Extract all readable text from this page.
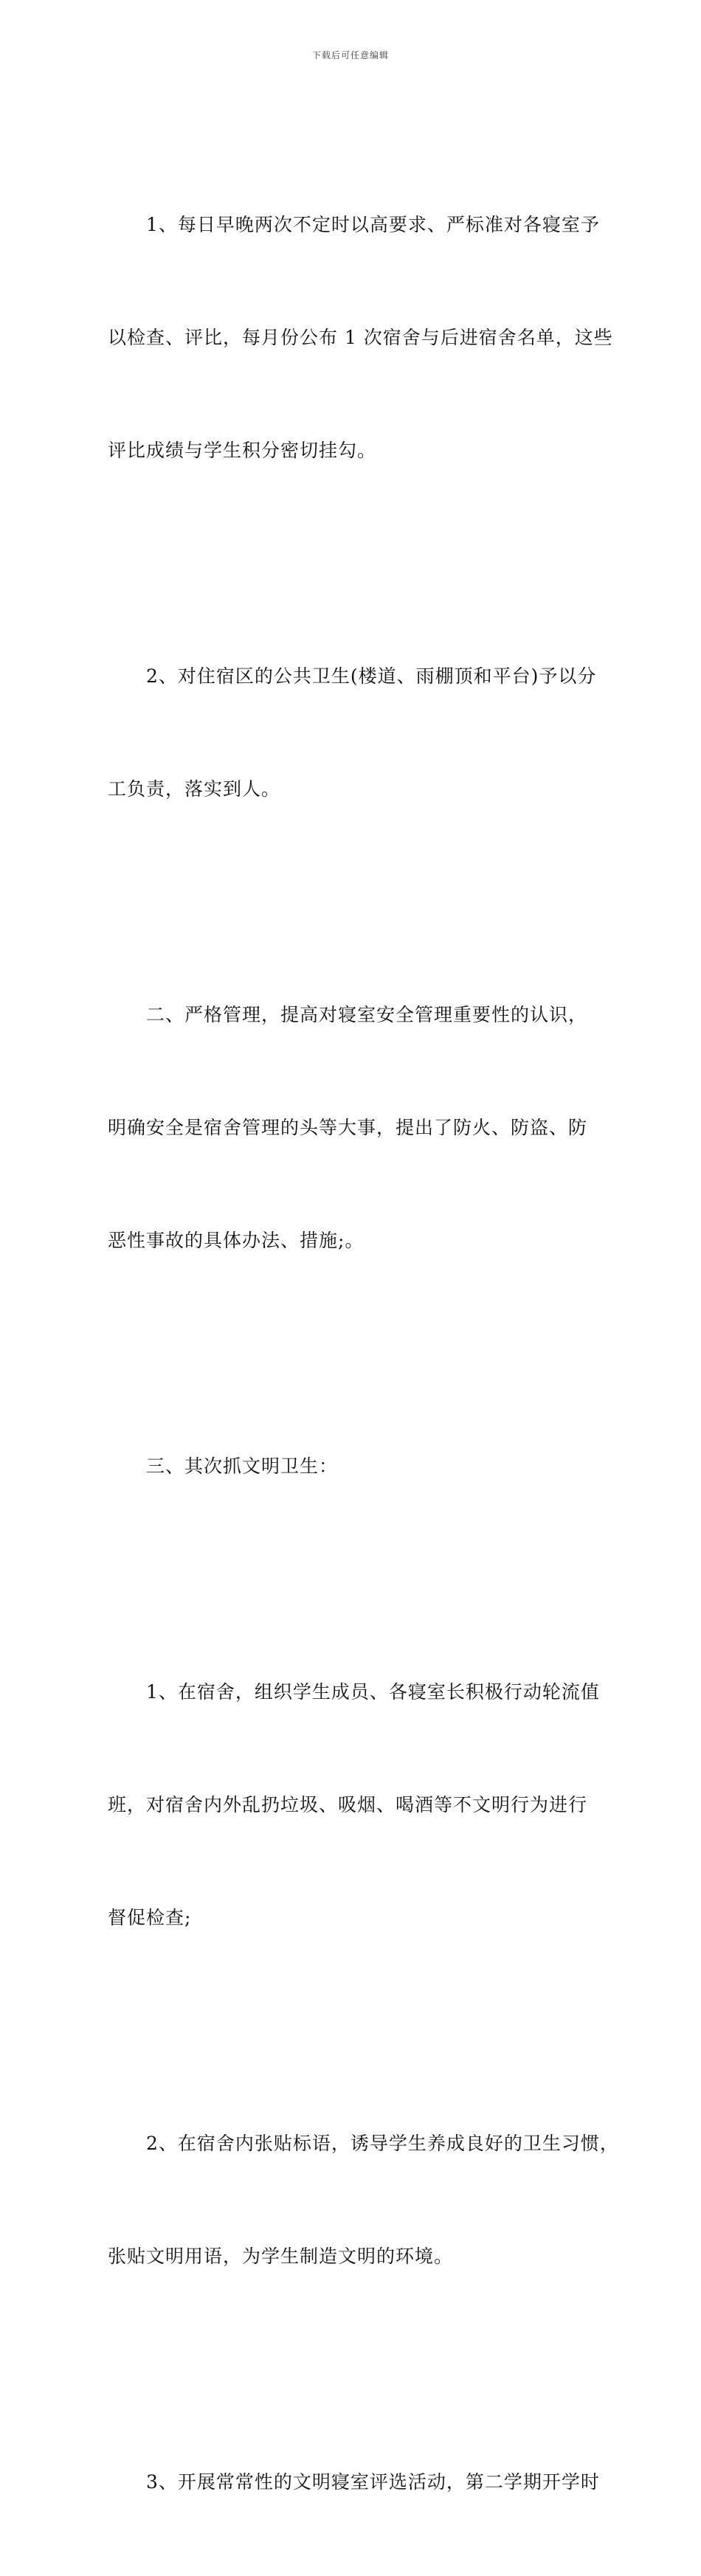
下载后可任意编辑

　　1、每日早晚两次不定时以高要求、严标准对各寝室予

以检查、评比，每月份公布 1 次宿舍与后进宿舍名单，这些

评比成绩与学生积分密切挂勾。

　　2、对住宿区的公共卫生(楼道、雨棚顶和平台)予以分

工负责，落实到人。

　　二、严格管理，提高对寝室安全管理重要性的认识，

明确安全是宿舍管理的头等大事，提出了防火、防盗、防

恶性事故的具体办法、措施;。

　　三、其次抓文明卫生：

　　1、在宿舍，组织学生成员、各寝室长积极行动轮流值

班，对宿舍内外乱扔垃圾、吸烟、喝酒等不文明行为进行

督促检查;

　　2、在宿舍内张贴标语，诱导学生养成良好的卫生习惯，

张贴文明用语，为学生制造文明的环境。

　　3、开展常常性的文明寝室评选活动，第二学期开学时
